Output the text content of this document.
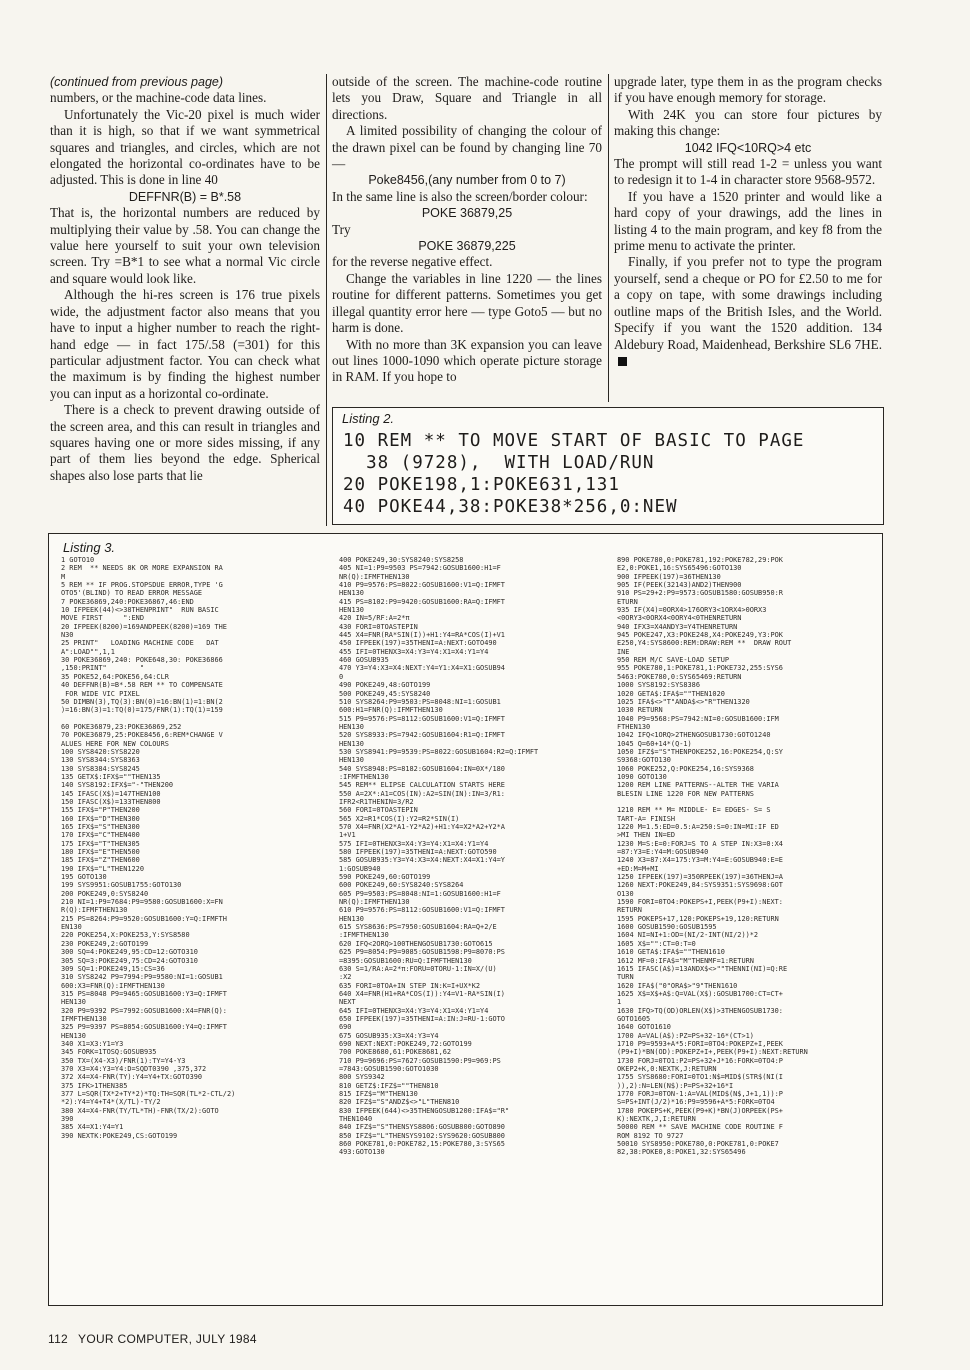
(continued from previous page)

numbers, or the machine-code data lines.

Unfortunately the Vic-20 pixel is much wider than it is high, so that if we want symmetrical squares and triangles, and circles, which are not elongated the horizontal co-ordinates have to be adjusted. This is done in line 40

DEFFNR(B) = B*.58

That is, the horizontal numbers are reduced by multiplying their value by .58. You can change the value here yourself to suit your own television screen. Try =B*1 to see what a normal Vic circle and square would look like.

Although the hi-res screen is 176 true pixels wide, the adjustment factor also means that you have to input a higher number to reach the right-hand edge — in fact 175/.58 (=301) for this particular adjustment factor. You can check what the maximum is by finding the highest number you can input as a horizontal co-ordinate.

There is a check to prevent drawing outside of the screen area, and this can result in triangles and squares having one or more sides missing, if any part of them lies beyond the edge. Spherical shapes also lose parts that lie

outside of the screen. The machine-code routine lets you Draw, Square and Triangle in all directions.

A limited possibility of changing the colour of the drawn pixel can be found by changing line 70 —

Poke8456,(any number from 0 to 7)

In the same line is also the screen/border colour:

POKE 36879,25

Try

POKE 36879,225

for the reverse negative effect.

Change the variables in line 1220 — the lines routine for different patterns. Sometimes you get illegal quantity error here — type Goto5 — but no harm is done.

With no more than 3K expansion you can leave out lines 1000-1090 which operate picture storage in RAM. If you hope to

upgrade later, type them in as the program checks if you have enough memory for storage.

With 24K you can store four pictures by making this change:

1042 IFQ<10RQ>4 etc

The prompt will still read 1-2 = unless you want to redesign it to 1-4 in character store 9568-9572.

If you have a 1520 printer and would like a hard copy of your drawings, add the lines in listing 4 to the main program, and key f8 from the prime menu to activate the printer.

Finally, if you prefer not to type the program yourself, send a cheque or PO for £2.50 to me for a copy on tape, with some drawings including outline maps of the British Isles, and the World. Specify if you want the 1520 addition. 134 Aldebury Road, Maidenhead, Berkshire SL6 7HE.

Listing 2.
10 REM ** TO MOVE START OF BASIC TO PAGE
38 (9728),  WITH LOAD/RUN
20 POKE198,1:POKE631,131
40 POKE44,38:POKE38*256,0:NEW
Listing 3.
1 GOTO10
2 REM  ** NEEDS 8K OR MORE EXPANSION RA
M
5 REM ** IF PROG.STOPSDUE ERROR,TYPE 'G
OTO5'(BLIND) TO READ ERROR MESSAGE
7 POKE36869,240:POKE36867,46:END
10 IFPEEK(44)<>38THENPRINT"  RUN BASIC
MOVE FIRST     ":END
20 IFPEEK(8200)=169ANDPEEK(8200)=169 THE
N30
25 PRINT"   LOADING MACHINE CODE   DAT
A":LOAD"",1,1
30 POKE36869,240: POKE648,30: POKE36866
,150:PRINT"        "
35 POKE52,64:POKE56,64:CLR
40 DEFFNR(B)=B*.58 REM ** TO COMPENSATE
FOR WIDE VIC PIXEL
50 DIMBN(3),TQ(3):BN(0)=16:BN(1)=1:BN(2
)=16:BN(3)=1:TQ(0)=175/FNR(1):TQ(1)=159
60 POKE36879,23:POKE36869,252
70 POKE36879,25:POKE8456,6:REM*CHANGE V
ALUES HERE FOR NEW COLOURS
100 SYS8420:SYS8220
130 SYS8344:SYS8363
130 SYS8384:SYS8245
135 GETX$:IFX$=""THEN135
140 SYS8192:IFX$="-"THEN200
145 IFASC(X$)=147THEN100
150 IFASC(X$)=133THEN800
155 IFX$="P"THEN200
160 IFX$="D"THEN300
165 IFX$="S"THEN300
170 IFX$="C"THEN400
175 IFX$="T"THEN305
180 IFX$="E"THEN500
185 IFX$="Z"THEN600
190 IFX$="L"THEN1220
195 GOTO130
199 SYS9951:GOSUB1755:GOTO130
200 POKE249,0:SYS8240
210 NI=1:P9=7684:P9=9580:GOSUB1600:X=FN
R(Q):IFMFTHEN130
215 PS=8264:P9=9520:GOSUB1600:Y=Q:IFMFTH
EN130
220 POKE254,X:POKE253,Y:SYS8580
230 POKE249,2:GOTO199
300 SQ=4:POKE249,95:CD=12:GOTO310
305 SQ=3:POKE249,75:CD=24:GOTO310
309 SQ=1:POKE249,15:CS=36
310 SYS8242 P9=7994:P9=9580:NI=1:GOSUB1
600:X3=FNR(Q):IFMFTHEN130
315 PS=8048 P9=9465:GOSUB1600:Y3=Q:IFMFT
HEN130
320 P9=9392 PS=7992:GOSUB1600:X4=FNR(Q):
IFMFTHEN130
325 P9=9397 PS=8054:GOSUB1600:Y4=Q:IFMFT
HEN130
340 X1=X3:Y1=Y3
345 FORK=1TOSQ:GOSUB935
350 TX=(X4-X3)/FNR(1):TY=Y4-Y3
370 X3=X4:Y3=Y4:D=SQDT0390 ,375,372
372 X4=X4-FNR(TY):Y4=Y4+TX:GOTO390
375 IFK>1THEN385
377 L=SQR(TX*2+TY*2)*TQ:TH=SQR(TL*2-CTL/2)
*2):Y4=Y4+T4*(X/TL)-TY/2
380 X4=X4-FNR(TY/TL*TH)-FNR(TX/2):GOTO
390
385 X4=X1:Y4=Y1
390 NEXTK:POKE249,CS:GOTO199
400 POKE249,30:SYS8240:SYS8258
405 NI=1:P9=9503 PS=7942:GOSUB1600:H1=F
NR(Q):IFMFTHEN130
410 P9=9576:PS=8022:GOSUB1600:V1=Q:IFMFT
HEN130
415 PS=8102:P9=9420:GOSUB1600:RA=Q:IFMFT
HEN130
420 IN=5/RF:A=2*π
430 FORI=0TOASTEPIN
445 X4=FNR(RA*SIN(I))+H1:Y4=RA*COS(I)+V1
450 IFPEEK(197)=35THENI=A:NEXT:GOTO490
455 IFI=0THENX3=X4:Y3=Y4:X1=X4:Y1=Y4
460 GOSUB935
470 Y3=Y4:X3=X4:NEXT:Y4=Y1:X4=X1:GOSUB94
0
490 POKE249,48:GOTO199
500 POKE249,45:SYS8240
510 SYS8264:P9=9503:PS=8048:NI=1:GOSUB1
600:H1=FNR(Q):IFMFTHEN130
515 P9=9576:PS=8112:GOSUB1600:V1=Q:IFMFT
HEN130
520 SYS8933:PS=7942:GOSUB1604:R1=Q:IFMFT
HEN130
530 SYS8941:P9=9539:PS=8022:GOSUB1604:R2=Q:IFMFT
HEN130
540 SYS8948:PS=8182:GOSUB1604:IN=0X*/180
:IFMFTHEN130
545 REM** ELIPSE CALCULATION STARTS HERE
550 A=2X*:A1=COS(IN):A2=SIN(IN):IN=3/R1:
IFR2<R1THENIN=3/R2
560 FORI=0TOASTEPIN
565 X2=R1*COS(I):Y2=R2*SIN(I)
570 X4=FNR(X2*A1-Y2*A2)+H1:Y4=X2*A2+Y2*A
1+V1
575 IFI=0THENX3=X4:Y3=Y4:X1=X4:Y1=Y4
580 IFPEEK(197)=35THENI=A:NEXT:GOTO590
585 GOSUB935:Y3=Y4:X3=X4:NEXT:X4=X1:Y4=Y
1:GOSUB940
590 POKE249,60:GOTO199
600 POKE249,60:SYS8240:SYS8264
605 P9=9503:PS=8048:NI=1:GOSUB1600:H1=F
NR(Q):IFMFTHEN130
610 P9=9576:PS=8112:GOSUB1600:V1=Q:IFMFT
HEN130
615 SYS8636:PS=7950:GOSUB1604:RA=Q+2/E
:IFMFTHEN130
620 IFQ<2ORQ>100THENGOSUB1730:GOTO615
625 P9=8054:P9=9085:GOSUB1598:P9=8070:PS
=8395:GOSUB1600:RU=Q:IFMFTHEN130
630 S=1/RA:A=2*π:FORU=0TORU-1:IN=X/(U)
:X2
635 FORI=0TOA+IN STEP IN:K=I+UX*K2
640 X4=FNR(H1+RA*COS(I)):Y4=V1-RA*SIN(I)
NEXT
645 IFI=0THENX3=X4:Y3=Y4:X1=X4:Y1=Y4
650 IFPEEK(197)=35THENI=A:IN:J=RU-1:GOTO
690
675 GOSUB935:X3=X4:Y3=Y4
690 NEXT:NEXT:POKE249,72:GOTO199
700 POKE8680,61:POKE8681,62
710 P9=9696:PS=7627:GOSUB1590:P9=969:PS
=7843:GOSUB1590:GOTO1030
800 SYS9342
810 GETZ$:IFZ$=""THEN810
815 IFZ$="M"THEN130
820 IFZ$="S"ANDZ$<>"L"THEN810
830 IFPEEK(644)<>35THENGOSUB1200:IFA$="R"
THEN1040
840 IFZ$="S"THENSYS8806:GOSUB800:GOTO890
850 IFZ$="L"THENSYS9102:SYS9620:GOSUB800
860 POKE781,0:POKE782,15:POKE780,3:SYS65
493:GOTO130
890 POKE780,0:POKE781,192:POKE782,29:POK
E2,0:POKE1,16:SYS65496:GOTO130
900 IFPEEK(197)=36THEN130
905 IF(PEEK(32143)AND2)THEN900
910 PS=29+2:P9=9573:GOSUB1580:GOSUB950:R
ETURN
935 IF(X4)=0ORX4>176ORY3<1ORX4>0ORX3
<0ORY3<0ORX4<0ORY4<0THENRETURN
940 IFX3=X4ANDY3=Y4THENRETURN
945 POKE247,X3:POKE248,X4:POKE249,Y3:POK
E250,Y4:SYS8600:REM:DRAW:REM **  DRAW ROUT
INE
950 REM M/C SAVE-LOAD SETUP
955 POKE780,1:POKE781,1:POKE732,255:SYS6
5463:POKE780,0:SYS65469:RETURN
1000 SYS8192:SYS8386
1020 GETA$:IFA$=""THEN1020
1025 IFA$<>"T"ANDA$<>"R"THEN1320
1030 RETURN
1040 P9=9568:PS=7942:NI=0:GOSUB1600:IFM
FTHEN130
1042 IFQ<1ORQ>2THENGOSUB1730:GOTO1240
1045 Q=60+14*(Q-1)
1050 IFZ$="S"THENPOKE252,16:POKE254,Q:SY
S9368:GOTO130
1060 POKE252,Q:POKE254,16:SYS9368
1090 GOTO130
1200 REM LINE PATTERNS--ALTER THE VARIA
BLESIN LINE 1220 FOR NEW PATTERNS
1210 REM ** M= MIDDLE- E= EDGES- S= S
TART-A= FINISH
1220 M=1.5:ED=0.5:A=250:S=0:IN=MI:IF ED
>MI THEN IN=ED
1230 M=S:E=0:FORJ=S TO A STEP IN:X3=0:X4
=87:Y3=E:Y4=M:GOSUB940
1240 X3=87:X4=175:Y3=M:Y4=E:GOSUB940:E=E
+ED:M=M+MI
1250 IFPEEK(197)=350RPEEK(197)=36THENJ=A
1260 NEXT:POKE249,84:SYS9351:SYS9698:GOT
O130
1590 FORI=0TO4:POKEPS+I,PEEK(P9+I):NEXT:
RETURN
1595 POKEPS+17,120:POKEPS+19,120:RETURN
1600 GOSUB1590:GOSUB1595
1604 NI=NI+1:OD=(NI/2-INT(NI/2))*2
1605 X$="":CT=0:T=0
1610 GETA$:IFA$=""THEN1610
1612 MF=0:IFA$="M"THENMF=1:RETURN
1615 IFASC(A$)=13ANDX$<>""THENNI(NI)=Q:RE
TURN
1620 IFA$("0"ORA$>"9"THEN1610
1625 X$=X$+A$:Q=VAL(X$):GOSUB1700:CT=CT+
1
1630 IFQ>TQ(OD)ORLEN(X$)>3THENGOSUB1730:
GOTO1605
1640 GOTO1610
1700 A=VAL(A$):PZ=PS+32-16*(CT>1)
1710 P9=9593+A*5:FORI=0TO4:POKEPZ+I,PEEK
(P9+I)*BN(OD):POKEPZ+I+,PEEK(P9+I):NEXT:RETURN
1730 FORJ=0TO1:P2=PS+32+J*16:FORK=0TO4:P
OKEP2+K,0:NEXTK,J:RETURN
1755 SYS8680:FORI=0TO1:N$=MID$(STR$(NI(I
)),2):N=LEN(N$):P=PS+32+16*I
1770 FORJ=0TON-1:A=VAL(MID$(N$,J+1,1)):P
S=PS+INT(J/2)*16:P9=9596+A*5:FORK=0TO4
1780 POKEPS+K,PEEK(P9+K)*BN(J)ORPEEK(PS+
K):NEXTK,J,I:RETURN
50000 REM ** SAVE MACHINE CODE ROUTINE F
ROM 8192 TO 9727
50010 SYS8950:POKE780,0:POKE781,0:POKE7
82,38:POKE0,8:POKE1,32:SYS65496
112 YOUR COMPUTER, JULY 1984
